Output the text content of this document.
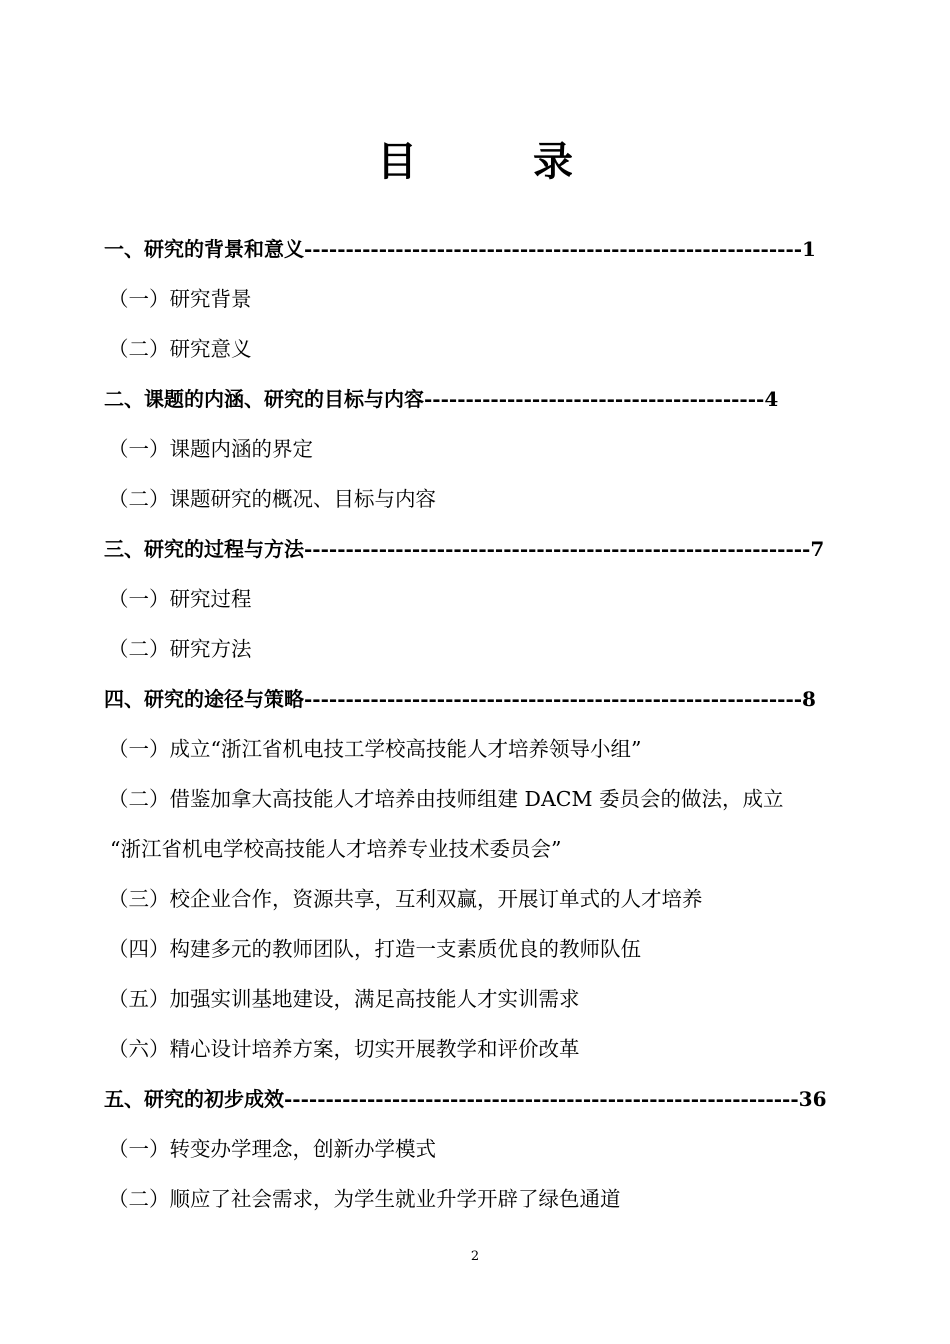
目　录
一、研究的背景和意义------------------------------------------------------------1
（一）研究背景
（二）研究意义
二、课题的内涵、研究的目标与内容-----------------------------------------4
（一）课题内涵的界定
（二）课题研究的概况、目标与内容
三、研究的过程与方法-------------------------------------------------------------7
（一）研究过程
（二）研究方法
四、研究的途径与策略------------------------------------------------------------8
（一）成立“浙江省机电技工学校高技能人才培养领导小组”
（二）借鉴加拿大高技能人才培养由技师组建 DACM 委员会的做法，成立
“浙江省机电学校高技能人才培养专业技术委员会”
（三）校企业合作，资源共享，互利双赢，开展订单式的人才培养
（四）构建多元的教师团队，打造一支素质优良的教师队伍
（五）加强实训基地建设，满足高技能人才实训需求
（六）精心设计培养方案，切实开展教学和评价改革
五、研究的初步成效--------------------------------------------------------------36
（一）转变办学理念，创新办学模式
（二）顺应了社会需求，为学生就业升学开辟了绿色通道
2
